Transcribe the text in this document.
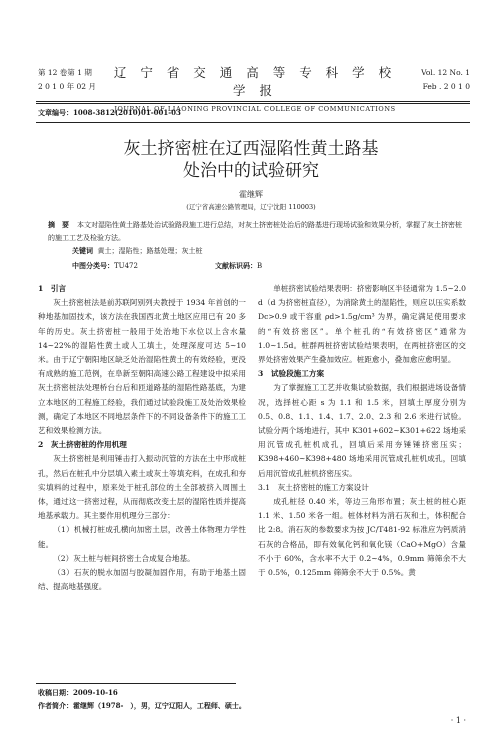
第 12 卷第 1 期
2 0 1 0 年 02 月
辽 宁 省 交 通 高 等 专 科 学 校 学 报
JOURNAL OF LIAONING PROVINCIAL COLLEGE OF COMMUNICATIONS
Vol. 12 No. 1
Feb . 2 0 1 0
文章编号：1008-3812(2010)01-001-03
灰土挤密桩在辽西湿陷性黄土路基
处治中的试验研究
霍继辉
(辽宁省高速公路管理局，辽宁沈阳 110003)
摘　要 本文对湿陷性黄土路基处治试验路段施工进行总结，对灰土挤密桩处治后的路基进行现场试验和效果分析，掌握了灰土挤密桩的施工工艺及检验方法。
关键词 黄土；湿陷性；路基处理；灰土桩
中图分类号：TU472	文献标识码：B

1　引言

灰土挤密桩法是前苏联阿别列夫教授于 1934 年首创的一种地基加固技术，该方法在我国西北黄土地区应用已有 20 多年的历史。灰土挤密桩一般用于处治地下水位以上含水量 14~22%的湿陷性黄土或人工填土，处理深度可达 5~10 米。由于辽宁朝阳地区缺乏处治湿陷性黄土的有效经验，更没有成熟的施工范例，在阜新至朝阳高速公路工程建设中拟采用灰土挤密桩法处理桥台台后和匝道路基的湿陷性路基底，为建立本地区的工程施工经验，我们通过试验段施工及处治效果检测，确定了本地区不同地层条件下的不同设备条件下的施工工艺和效果检测方法。

2　灰土挤密桩的作用机理

灰土挤密桩是利用锤击打入振动沉管的方法在土中形成桩孔，然后在桩孔中分层填入素土或灰土等填充料，在成孔和夯实填料的过程中，原来处于桩孔部位的土全部被挤入周围土体，通过这一挤密过程，从而彻底改变土层的湿陷性质并提高地基承载力。其主要作用机理分三部分：

（1）机械打桩成孔横向加密土层，改善土体物理力学性能。

（2）灰土桩与桩间挤密土合成复合地基。

（3）石灰的脱水加固与胶凝加固作用，有助于地基土固结、提高地基强度。

单桩挤密试验结果表明：挤密影响区半径通常为 1.5~2.0 d（d 为挤密桩直径），为消除黄土的湿陷性，则应以压实系数 Dc>0.9 或干容重 ρd>1.5g/cm³ 为界，确定满足使用要求的“有效挤密区”。单个桩孔的“有效挤密区”通常为 1.0~1.5d。桩群两桩挤密试验结果表明，在两桩挤密区的交界处挤密效果产生叠加效应。桩距愈小，叠加愈应愈明显。

3　试验段施工方案

为了掌握施工工艺并收集试验数据，我们根据进场设备情况，选择桩心距 s 为 1.1 和 1.5 米，回填土厚度分别为 0.5、0.8、1.1、1.4、1.7、2.0、2.3 和 2.6 米进行试验。试验分两个场地进行，其中 K301+602~K301+622 场地采用沉管成孔桩机成孔，回填后采用夯锤锤挤密压实；K398+460~K398+480 场地采用沉管成孔桩机成孔，回填后用沉管成孔桩机挤密压实。

3.1　灰土挤密桩的施工方案设计

成孔桩径 0.40 米，等边三角形布置；灰土桩的桩心距 1.1 米、1.50 米各一组。桩体材料为消石灰和土，体积配合比 2:8。消石灰的参数要求为按 JC/T481-92 标准应为钙质消石灰的合格品，即有效氧化钙和氧化镁（CaO+MgO）含量不小于 60%，含水率不大于 0.2~4%，0.9mm 筛筛余不大于 0.5%，0.125mm 筛筛余不大于 0.5%。黄

收稿日期：2009-10-16
作者简介：霍继辉（1978-　），男，辽宁辽阳人，工程师、硕士。
· 1 ·
